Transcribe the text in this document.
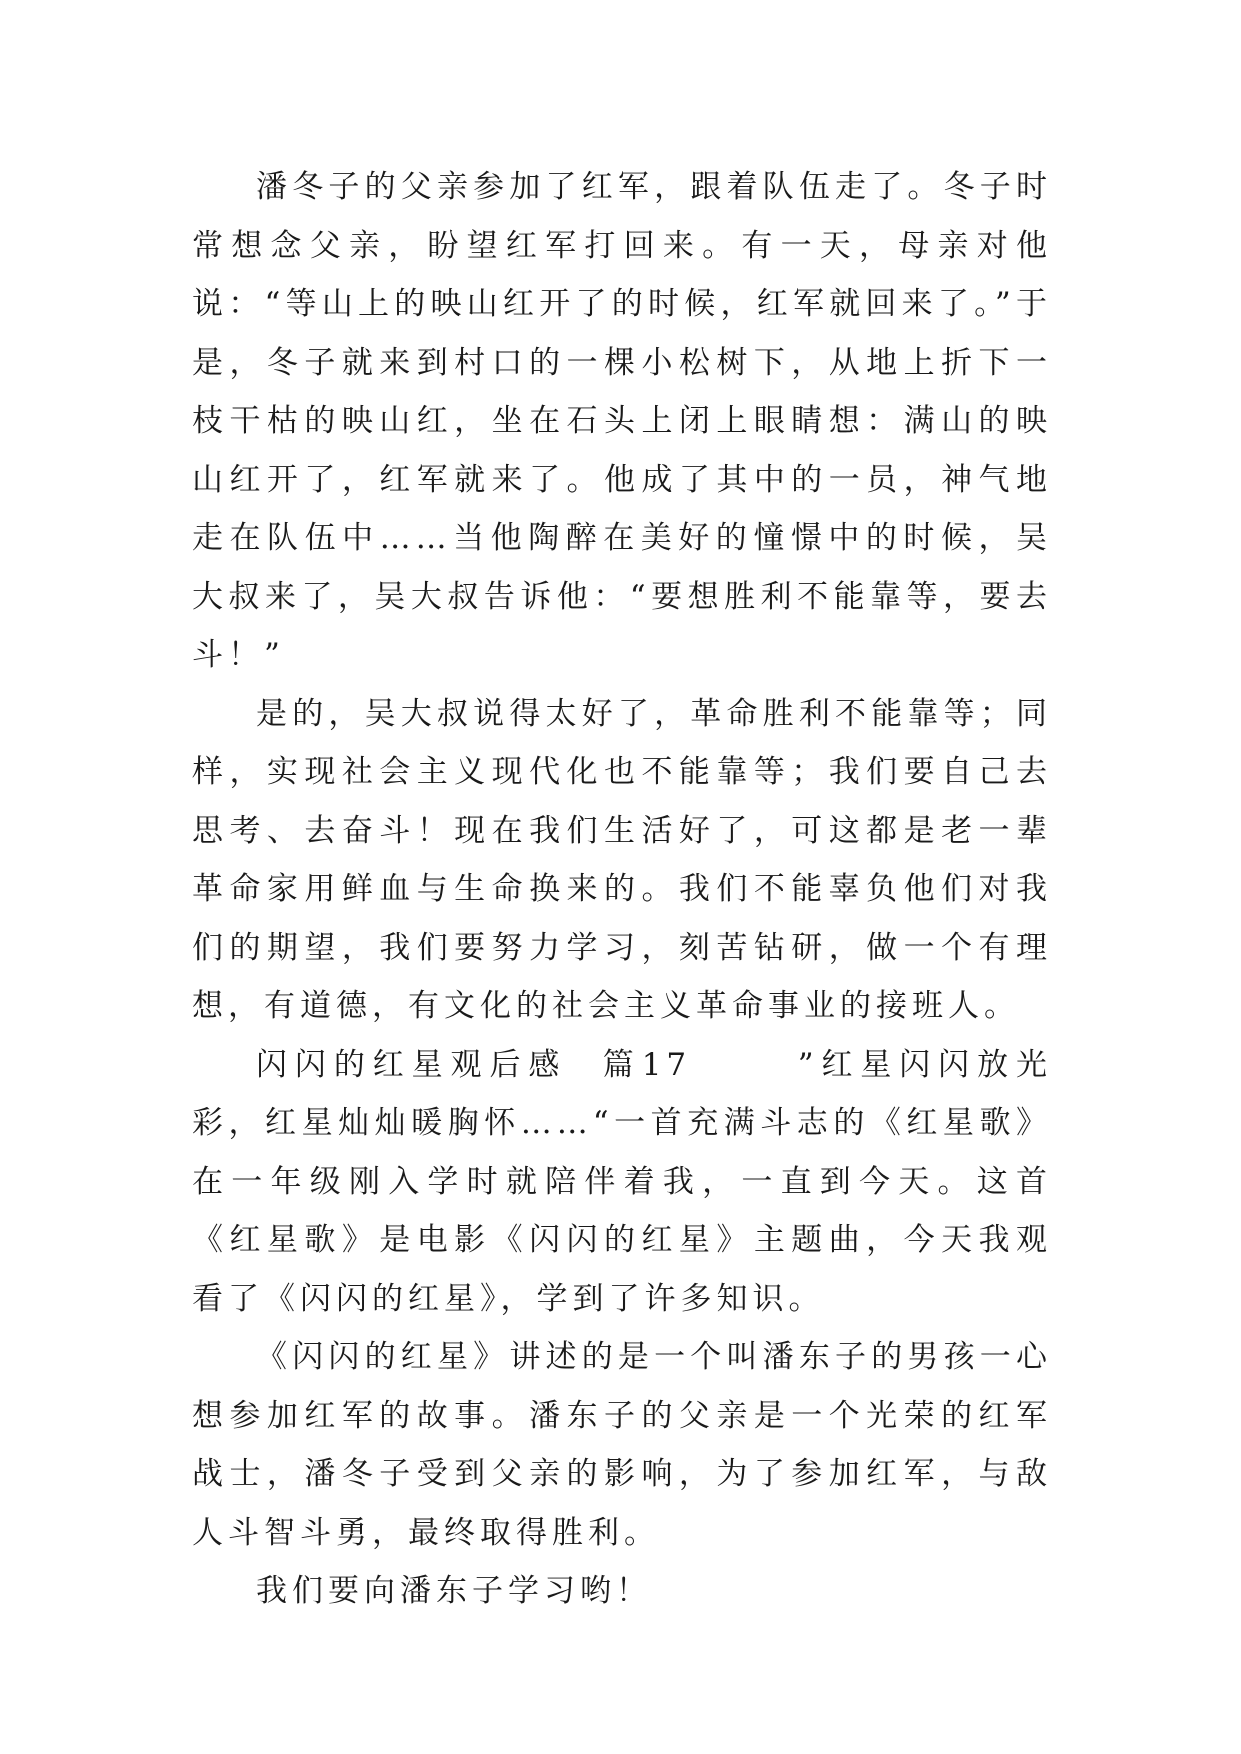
潘冬子的父亲参加了红军，跟着队伍走了。冬子时常想念父亲，盼望红军打回来。有一天，母亲对他说：“等山上的映山红开了的时候，红军就回来了。”于是，冬子就来到村口的一棵小松树下，从地上折下一枝干枯的映山红，坐在石头上闭上眼睛想：满山的映山红开了，红军就来了。他成了其中的一员，神气地走在队伍中……当他陶醉在美好的憧憬中的时候，吴大叔来了，吴大叔告诉他：“要想胜利不能靠等，要去斗！”

是的，吴大叔说得太好了，革命胜利不能靠等；同样，实现社会主义现代化也不能靠等；我们要自己去思考、去奋斗！现在我们生活好了，可这都是老一辈革命家用鲜血与生命换来的。我们不能辜负他们对我们的期望，我们要努力学习，刻苦钻研，做一个有理想，有道德，有文化的社会主义革命事业的接班人。

闪闪的红星观后感  篇17      ”红星闪闪放光彩，红星灿灿暖胸怀……“一首充满斗志的《红星歌》在一年级刚入学时就陪伴着我，一直到今天。这首《红星歌》是电影《闪闪的红星》主题曲，今天我观看了《闪闪的红星》，学到了许多知识。

《闪闪的红星》讲述的是一个叫潘东子的男孩一心想参加红军的故事。潘东子的父亲是一个光荣的红军战士，潘冬子受到父亲的影响，为了参加红军，与敌人斗智斗勇，最终取得胜利。

我们要向潘东子学习哟！
